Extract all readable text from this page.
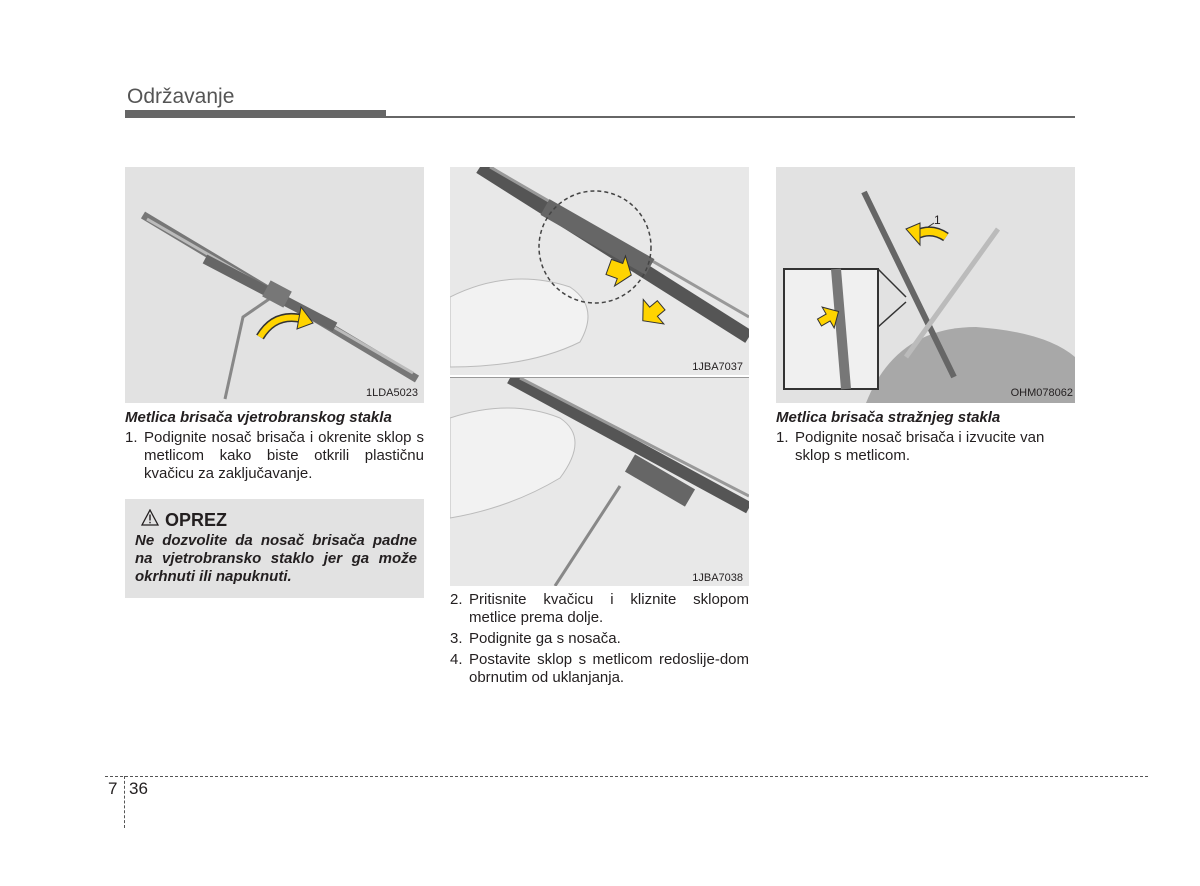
Održavanje
1LDA5023
1JBA7037
1JBA7038
1
OHM078062
Metlica brisača vjetrobranskog stakla
1. Podignite nosač brisača i okrenite sklop s metlicom kako biste otkrili plastičnu kvačicu za zaključavanje.
OPREZ
Ne dozvolite da nosač brisača padne na vjetrobransko staklo jer ga može okrhnuti ili napuknuti.
2. Pritisnite kvačicu i kliznite sklopom metlice prema dolje.
3. Podignite ga s nosača.
4. Postavite sklop s metlicom redoslije-dom obrnutim od uklanjanja.
Metlica brisača stražnjeg stakla
1. Podignite nosač brisača i izvucite van sklop s metlicom.
7 36
